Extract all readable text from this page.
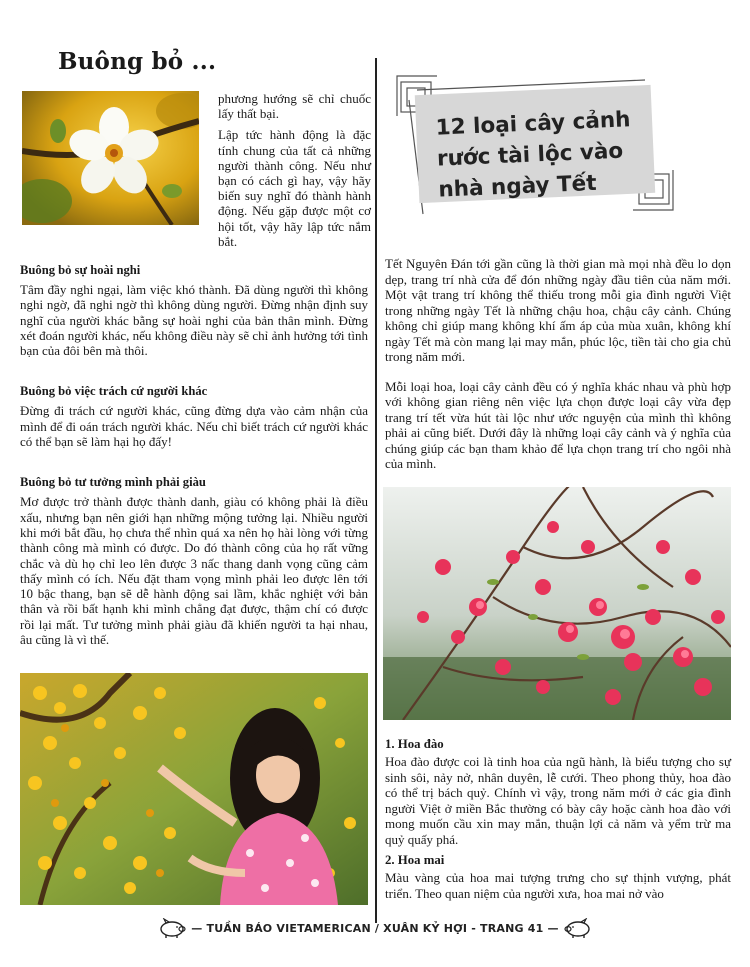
Buông bỏ ...

phương hướng sẽ chỉ chuốc lấy thất bại.

Lập tức hành động là đặc tính chung của tất cả những người thành công. Nếu như bạn có cách gì hay, vậy hãy biến suy nghĩ đó thành hành động. Nếu gặp được một cơ hội tốt, vậy hãy lập tức nắm bắt.

Buông bỏ sự hoài nghi

Tâm đầy nghi ngại, làm việc khó thành. Đã dùng người thì không nghi ngờ, đã nghi ngờ thì không dùng người. Đừng nhận định suy nghĩ của người khác bằng sự hoài nghi của bản thân mình. Đừng xét đoán người khác, nếu không điều này sẽ chỉ ảnh hưởng tới tình bạn của đôi bên mà thôi.

Buông bỏ việc trách cứ người khác

Đừng đi trách cứ người khác, cũng đừng dựa vào cảm nhận của mình để đi oán trách người khác. Nếu chỉ biết trách cứ người khác có thể bạn sẽ làm hại họ đấy!

Buông bỏ tư tưởng mình phải giàu

Mơ được trở thành được thành danh, giàu có không phải là điều xấu, nhưng bạn nên giới hạn những mộng tưởng lại. Nhiều người khi mới bắt đầu, họ chưa thể nhìn quá xa nên họ hài lòng với từng thành công mà mình có được. Do đó thành công của họ rất vững chắc và dù họ chỉ leo lên được 3 nấc thang danh vọng cũng cảm thấy mình có ích. Nếu đặt tham vọng mình phải leo được lên tới 10 bậc thang, bạn sẽ dễ hành động sai lầm, khắc nghiệt với bản thân và rồi bất hạnh khi mình chẳng đạt được, thậm chí có được rồi lại mất. Tư tưởng mình phải giàu đã khiến người ta hại nhau, âu cũng là vì thế.

12 loại cây cảnh
rước tài lộc vào
nhà ngày Tết

Tết Nguyên Đán tới gần cũng là thời gian mà mọi nhà đều lo dọn dẹp, trang trí nhà cửa để đón những ngày đầu tiên của năm mới. Một vật trang trí không thể thiếu trong mỗi gia đình người Việt trong những ngày Tết là những chậu hoa, chậu cây cảnh. Chúng không chỉ giúp mang không khí ấm áp của mùa xuân, không khí ngày Tết mà còn mang lại may mắn, phúc lộc, tiền tài cho gia chủ trong năm mới.

Mỗi loại hoa, loại cây cảnh đều có ý nghĩa khác nhau và phù hợp với không gian riêng nên việc lựa chọn được loại cây vừa đẹp trang trí tết vừa hút tài lộc như ước nguyện của mình thì không phải ai cũng biết. Dưới đây là những loại cây cảnh và ý nghĩa của chúng giúp các bạn tham khảo để lựa chọn trang trí cho ngôi nhà của mình.

1. Hoa đào

Hoa đào được coi là tinh hoa của ngũ hành, là biểu tượng cho sự sinh sôi, nảy nở, nhân duyên, lễ cưới. Theo phong thủy, hoa đào có thể trị bách quỷ. Chính vì vậy, trong năm mới ở các gia đình người Việt ở miền Bắc thường có bày cây hoặc cành hoa đào với mong muốn cầu xin may mắn, thuận lợi cả năm và yểm trừ ma quỷ quấy phá.

2. Hoa mai

Màu vàng của hoa mai tượng trưng cho sự thịnh vượng, phát triển. Theo quan niệm của người xưa, hoa mai nở vào

— TUẦN BÁO VIETAMERICAN / XUÂN KỶ HỢI - TRANG 41 —
